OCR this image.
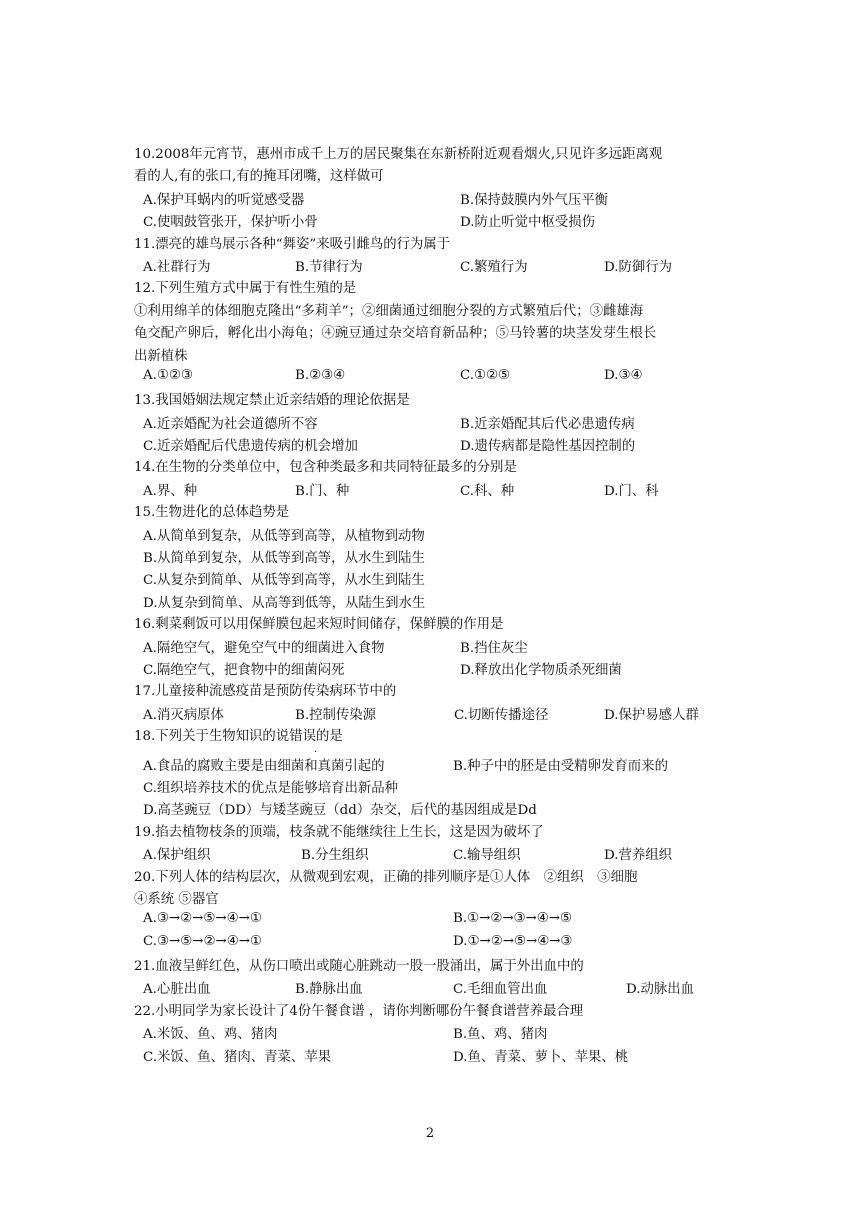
10.2008年元宵节，惠州市成千上万的居民聚集在东新桥附近观看烟火,只见许多远距离观
看的人,有的张口,有的掩耳闭嘴，这样做可
A.保护耳蜗内的听觉感受器	B.保持鼓膜内外气压平衡
C.使咽鼓管张开，保护听小骨	D.防止听觉中枢受损伤
11.漂亮的雄鸟展示各种“舞姿”来吸引雌鸟的行为属于
A.社群行为	B.节律行为	C.繁殖行为	D.防御行为
12.下列生殖方式中属于有性生殖的是
①利用绵羊的体细胞克隆出“多莉羊”；②细菌通过细胞分裂的方式繁殖后代；③雌雄海
龟交配产卵后，孵化出小海龟；④豌豆通过杂交培育新品种；⑤马铃薯的块茎发芽生根长
出新植株
A.①②③	B.②③④	C.①②⑤	D.③④
13.我国婚姻法规定禁止近亲结婚的理论依据是
A.近亲婚配为社会道德所不容	B.近亲婚配其后代必患遗传病
C.近亲婚配后代患遗传病的机会增加	D.遗传病都是隐性基因控制的
14.在生物的分类单位中，包含种类最多和共同特征最多的分别是
A.界、种	B.门、种	C.科、种	D.门、科
15.生物进化的总体趋势是
A.从简单到复杂，从低等到高等，从植物到动物
B.从简单到复杂，从低等到高等，从水生到陆生
C.从复杂到简单、从低等到高等，从水生到陆生
D.从复杂到简单、从高等到低等，从陆生到水生
16.剩菜剩饭可以用保鲜膜包起来短时间储存，保鲜膜的作用是
A.隔绝空气，避免空气中的细菌进入食物	B.挡住灰尘
C.隔绝空气，把食物中的细菌闷死	D.释放出化学物质杀死细菌
17.儿童接种流感疫苗是预防传染病环节中的
A.消灭病原体	B.控制传染源	C.切断传播途径	D.保护易感人群
18.下列关于生物知识的说错误的是
·
A.食品的腐败主要是由细菌和真菌引起的	B.种子中的胚是由受精卵发育而来的
C.组织培养技术的优点是能够培育出新品种
D.高茎豌豆（DD）与矮茎豌豆（dd）杂交，后代的基因组成是Dd
19.掐去植物枝条的顶端，枝条就不能继续往上生长，这是因为破坏了
A.保护组织	B.分生组织	C.输导组织	D.营养组织
20.下列人体的结构层次，从微观到宏观，正确的排列顺序是①人体　②组织　③细胞
④系统 ⑤器官
A.③→②→⑤→④→①	B.①→②→③→④→⑤
C.③→⑤→②→④→①	D.①→②→⑤→④→③
21.血液呈鲜红色，从伤口喷出或随心脏跳动一股一股涌出，属于外出血中的
A.心脏出血	B.静脉出血	C.毛细血管出血	D.动脉出血
22.小明同学为家长设计了4份午餐食谱 ，请你判断哪份午餐食谱营养最合理
A.米饭、鱼、鸡、猪肉	B.鱼、鸡、猪肉
C.米饭、鱼、猪肉、青菜、苹果	D.鱼、青菜、萝卜、苹果、桃
2
